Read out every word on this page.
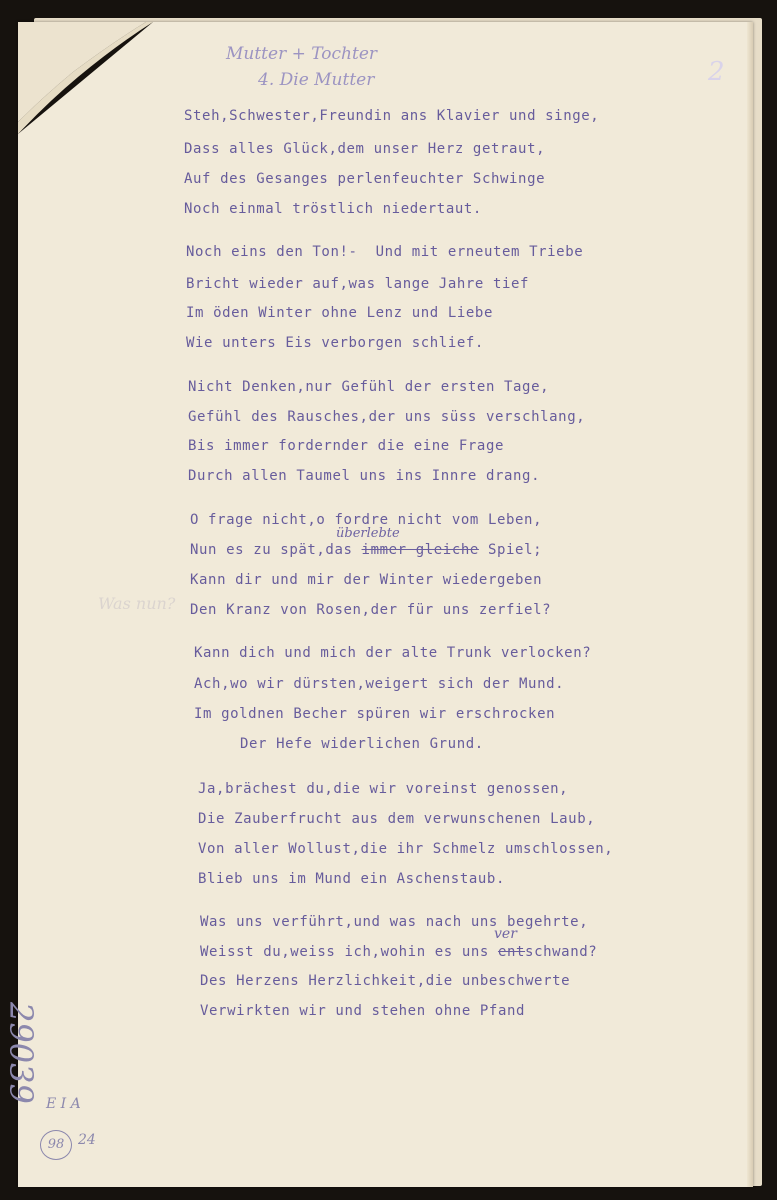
Mutter + Tochter
4. Die Mutter	2
Steh,Schwester,Freundin ans Klavier und singe,
Dass alles Glück,dem unser Herz getraut,
Auf des Gesanges perlenfeuchter Schwinge
Noch einmal tröstlich niedertaut.
Noch eins den Ton!-  Und mit erneutem Triebe
Bricht wieder auf,was lange Jahre tief
Im öden Winter ohne Lenz und Liebe
Wie unters Eis verborgen schlief.
Nicht Denken,nur Gefühl der ersten Tage,
Gefühl des Rausches,der uns süss verschlang,
Bis immer fordernder die eine Frage
Durch allen Taumel uns ins Innre drang.
O frage nicht,o fordre nicht vom Leben,
Nun es zu spät,das immer gleiche Spiel;
überlebte
Kann dir und mir der Winter wiedergeben
Den Kranz von Rosen,der für uns zerfiel?
Kann dich und mich der alte Trunk verlocken?
Ach,wo wir dürsten,weigert sich der Mund.
Im goldnen Becher spüren wir erschrocken
Der Hefe widerlichen Grund.
Ja,brächest du,die wir voreinst genossen,
Die Zauberfrucht aus dem verwunschenen Laub,
Von aller Wollust,die ihr Schmelz umschlossen,
Blieb uns im Mund ein Aschenstaub.
Was uns verführt,und was nach uns begehrte,
Weisst du,weiss ich,wohin es uns entschwand?
ver
Des Herzens Herzlichkeit,die unbeschwerte
Verwirkten wir und stehen ohne Pfand
Was nun?
29039
E I A
98 24
